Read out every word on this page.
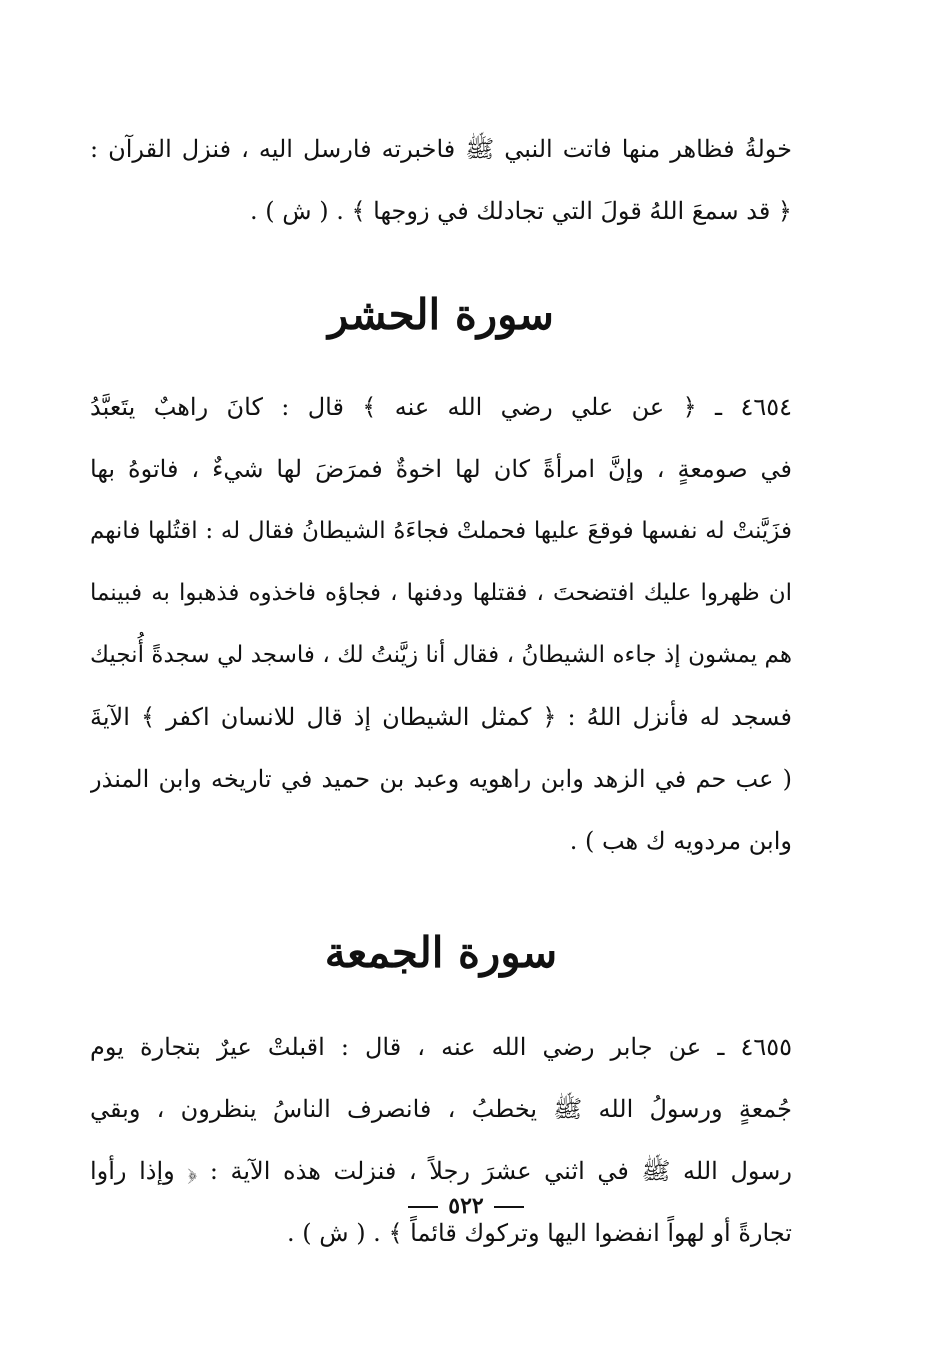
خولةُ فظاهر منها فاتت النبي ﷺ فاخبرته فارسل اليه ، فنزل القرآن :
﴿ قد سمعَ اللهُ قولَ التي تجادلك في زوجها ﴾ . ( ش ) .
سورة الحشر
٤٦٥٤ ـ ﴿ عن علي رضي الله عنه ﴾ قال : كانَ راهبٌ يتَعبَّدُ
في صومعةٍ ، وإنَّ امرأةً كان لها اخوةٌ فمرَضَ لها شيءٌ ، فاتوهُ بها
فزَيَّنتْ له نفسها فوقعَ عليها فحملتْ فجاءَهُ الشيطانُ فقال له : اقتُلها فانهم
ان ظهروا عليك افتضحتَ ، فقتلها ودفنها ، فجاؤه فاخذوه فذهبوا به فبينما
هم يمشون إذ جاءه الشيطانُ ، فقال أنا زيَّنتُ لك ، فاسجد لي سجدةً أُنجيك
فسجد له فأنزل اللهُ : ﴿ كمثل الشيطان إذ قال للانسان اكفر ﴾ الآيةَ
( عب حم في الزهد وابن راهويه وعبد بن حميد في تاريخه وابن المنذر
وابن مردويه ك هب ) .
سورة الجمعة
٤٦٥٥ ـ عن جابر رضي الله عنه ، قال : اقبلتْ عيرٌ بتجارة يوم
جُمعةٍ ورسولُ الله ﷺ يخطبُ ، فانصرف الناسُ ينظرون ، وبقي
رسول الله ﷺ في اثني عشرَ رجلاً ، فنزلت هذه الآية : ﴿ وإذا رأوا
تجارةً أو لهواً انفضوا اليها وتركوك قائماً ﴾ . ( ش ) .
٥٢٢
